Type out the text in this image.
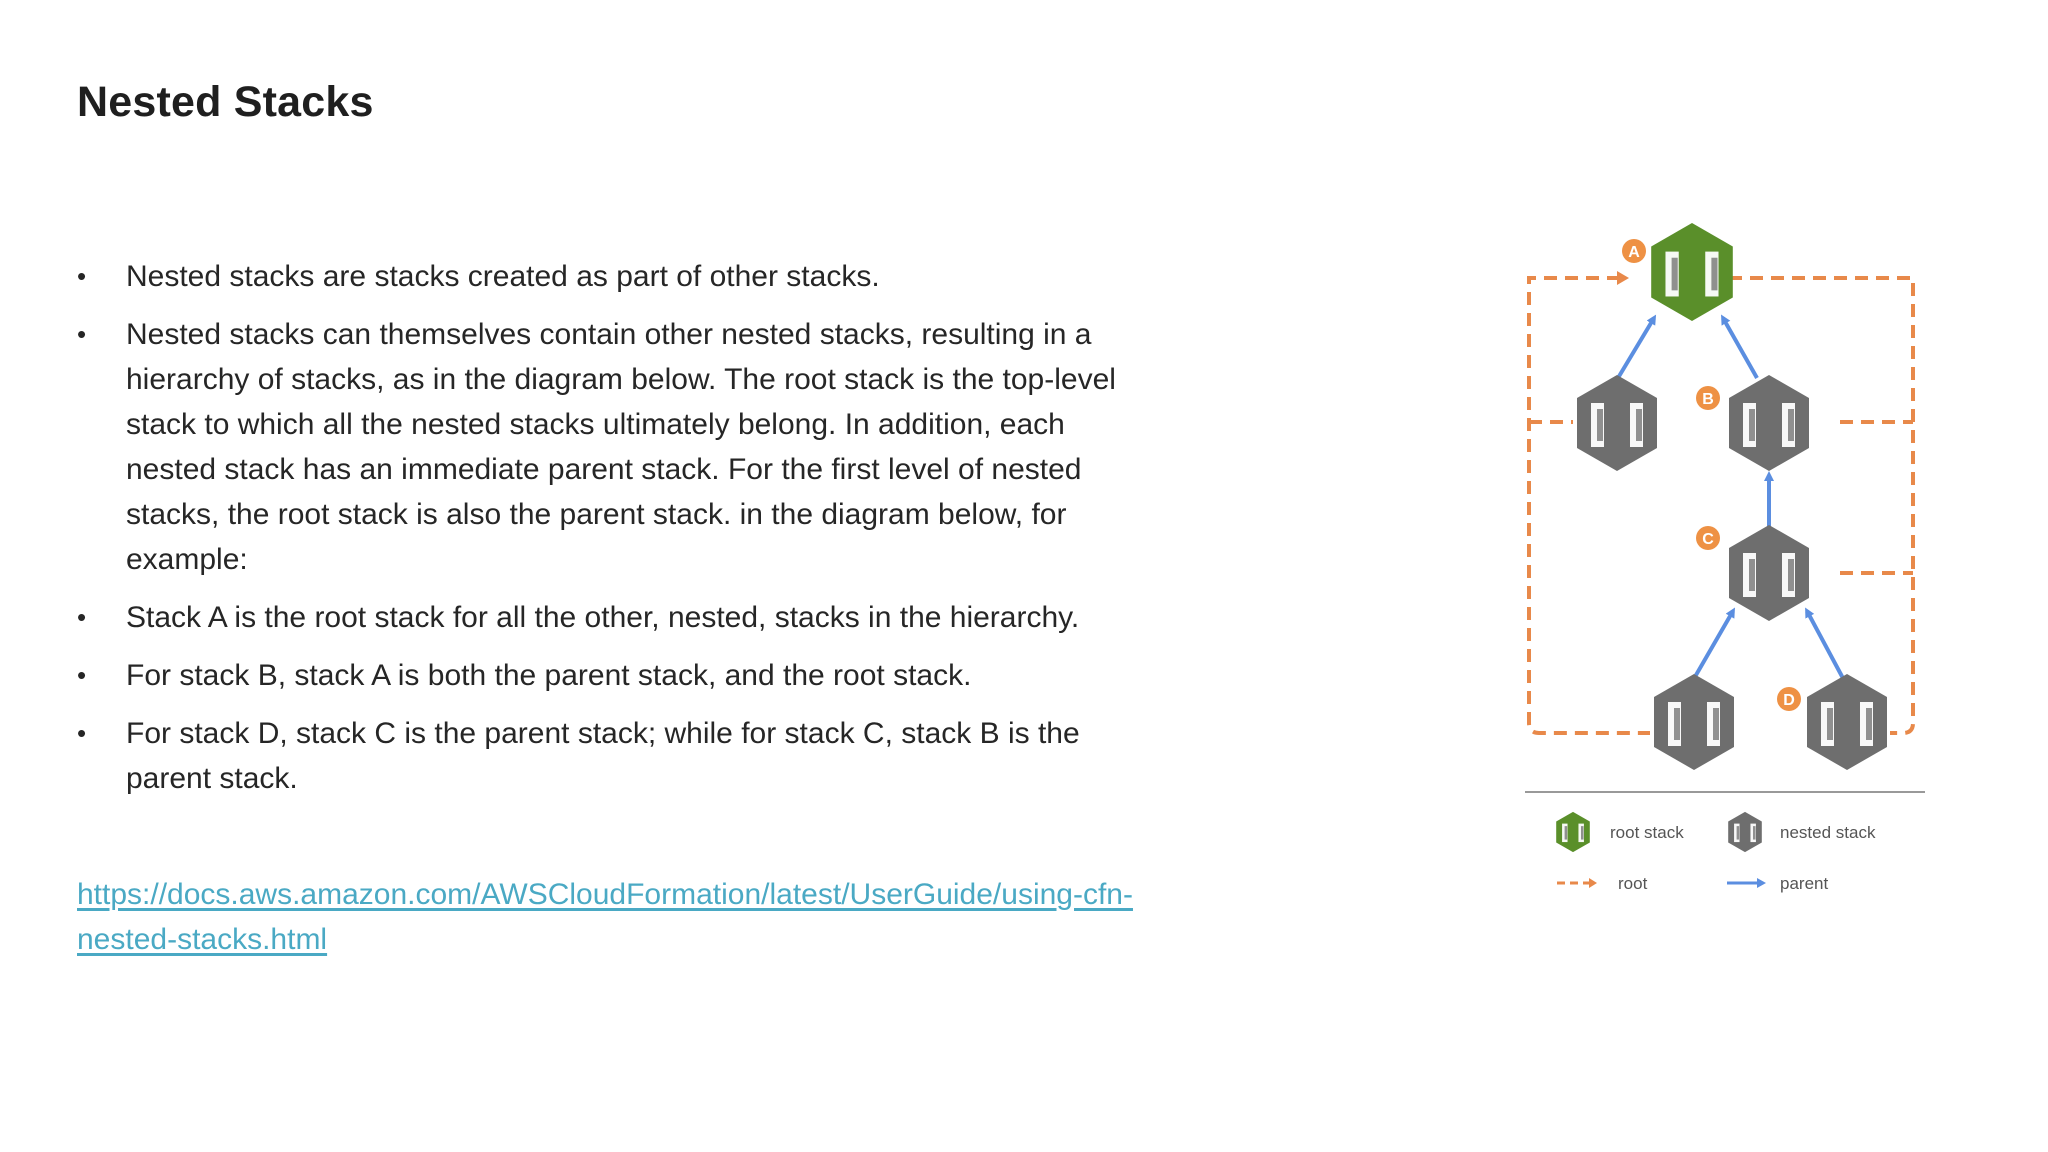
Nested Stacks
•	Nested stacks are stacks created as part of other stacks.
•	Nested stacks can themselves contain other nested stacks, resulting in a hierarchy of stacks, as in the diagram below. The root stack is the top-level stack to which all the nested stacks ultimately belong. In addition, each nested stack has an immediate parent stack. For the first level of nested stacks, the root stack is also the parent stack. in the diagram below, for example:
•	Stack A is the root stack for all the other, nested, stacks in the hierarchy.
•	For stack B, stack A is both the parent stack, and the root stack.
•	For stack D, stack C is the parent stack; while for stack C, stack B is the parent stack.
https://docs.aws.amazon.com/AWSCloudFormation/latest/UserGuide/using-cfn-nested-stacks.html
A
B
C
D
root stack	nested stack
root	parent
